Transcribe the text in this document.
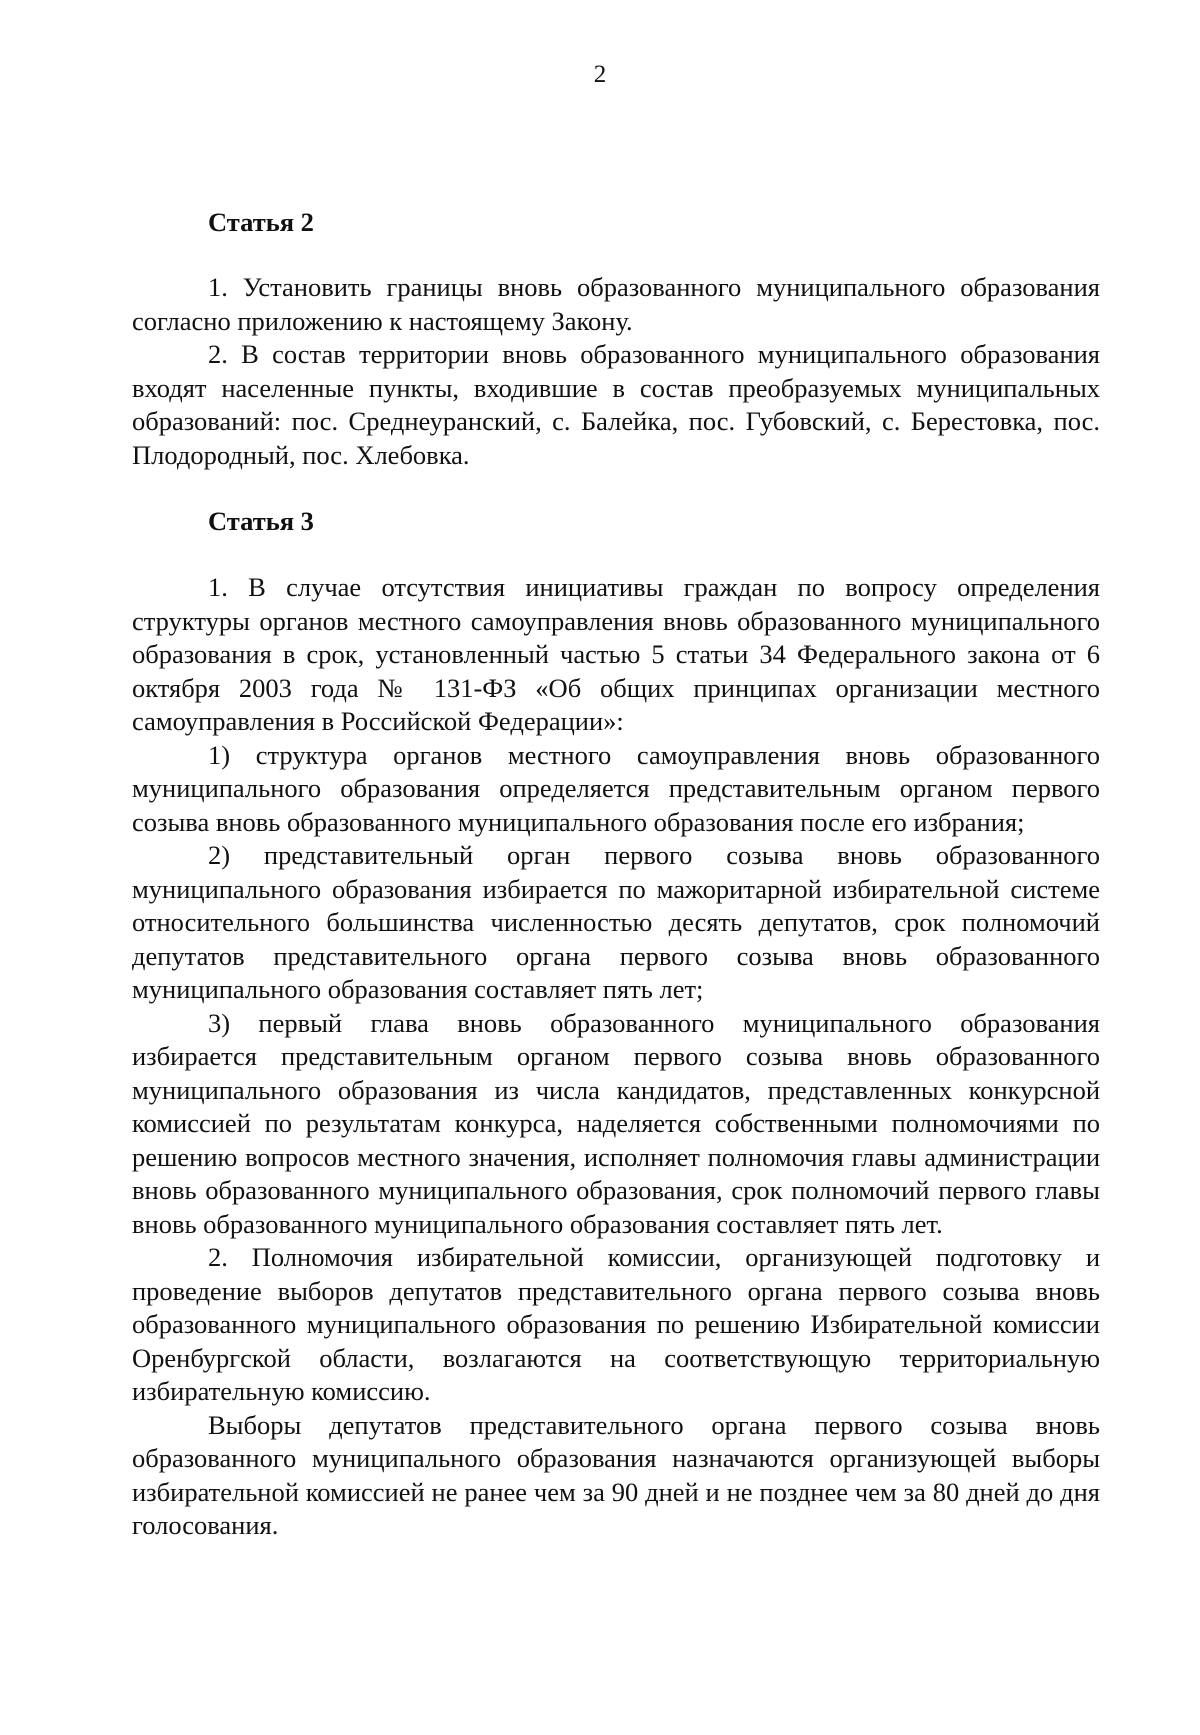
2
Статья 2

1. Установить границы вновь образованного муниципального образования согласно приложению к настоящему Закону.

2. В состав территории вновь образованного муниципального образования входят населенные пункты, входившие в состав преобразуемых муниципальных образований: пос. Среднеуранский, с. Балейка, пос. Губовский, с. Берестовка, пос. Плодородный, пос. Хлебовка.

Статья 3

1. В случае отсутствия инициативы граждан по вопросу определения структуры органов местного самоуправления вновь образованного муниципального образования в срок, установленный частью 5 статьи 34 Федерального закона от 6 октября 2003 года № 131-ФЗ «Об общих принципах организации местного самоуправления в Российской Федерации»:

1) структура органов местного самоуправления вновь образованного муниципального образования определяется представительным органом первого созыва вновь образованного муниципального образования после его избрания;

2) представительный орган первого созыва вновь образованного муниципального образования избирается по мажоритарной избирательной системе относительного большинства численностью десять депутатов, срок полномочий депутатов представительного органа первого созыва вновь образованного муниципального образования составляет пять лет;

3) первый глава вновь образованного муниципального образования избирается представительным органом первого созыва вновь образованного муниципального образования из числа кандидатов, представленных конкурсной комиссией по результатам конкурса, наделяется собственными полномочиями по решению вопросов местного значения, исполняет полномочия главы администрации вновь образованного муниципального образования, срок полномочий первого главы вновь образованного муниципального образования составляет пять лет.

2. Полномочия избирательной комиссии, организующей подготовку и проведение выборов депутатов представительного органа первого созыва вновь образованного муниципального образования по решению Избирательной комиссии Оренбургской области, возлагаются на соответствующую территориальную избирательную комиссию.

Выборы депутатов представительного органа первого созыва вновь образованного муниципального образования назначаются организующей выборы избирательной комиссией не ранее чем за 90 дней и не позднее чем за 80 дней до дня голосования.
